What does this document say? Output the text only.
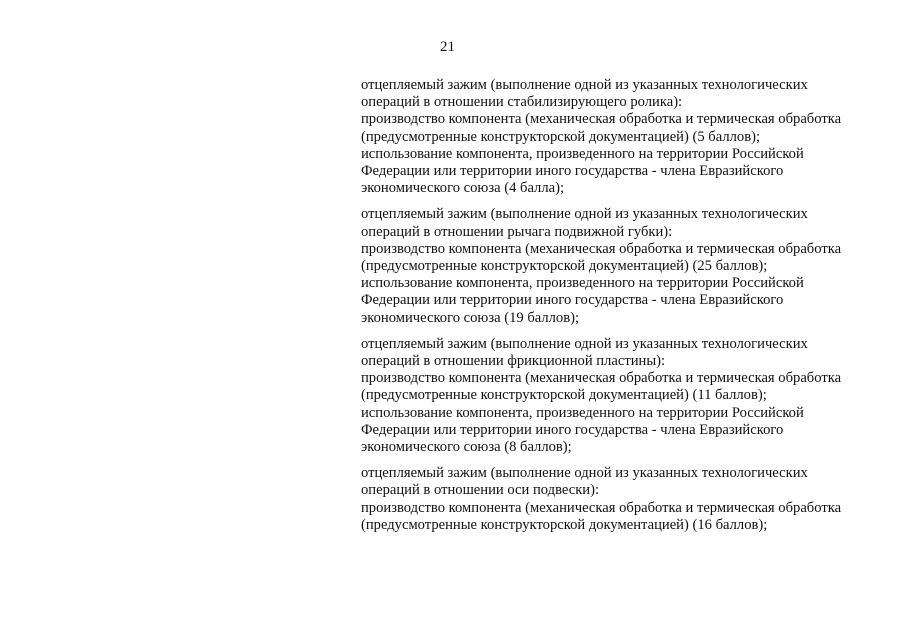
21

отцепляемый зажим (выполнение одной из указанных технологических
операций в отношении стабилизирующего ролика):
производство компонента (механическая обработка и термическая обработка
(предусмотренные конструкторской документацией) (5 баллов);
использование компонента, произведенного на территории Российской
Федерации или территории иного государства - члена Евразийского
экономического союза (4 балла);

отцепляемый зажим (выполнение одной из указанных технологических
операций в отношении рычага подвижной губки):
производство компонента (механическая обработка и термическая обработка
(предусмотренные конструкторской документацией) (25 баллов);
использование компонента, произведенного на территории Российской
Федерации или территории иного государства - члена Евразийского
экономического союза (19 баллов);

отцепляемый зажим (выполнение одной из указанных технологических
операций в отношении фрикционной пластины):
производство компонента (механическая обработка и термическая обработка
(предусмотренные конструкторской документацией) (11 баллов);
использование компонента, произведенного на территории Российской
Федерации или территории иного государства - члена Евразийского
экономического союза (8 баллов);

отцепляемый зажим (выполнение одной из указанных технологических
операций в отношении оси подвески):
производство компонента (механическая обработка и термическая обработка
(предусмотренные конструкторской документацией) (16 баллов);
